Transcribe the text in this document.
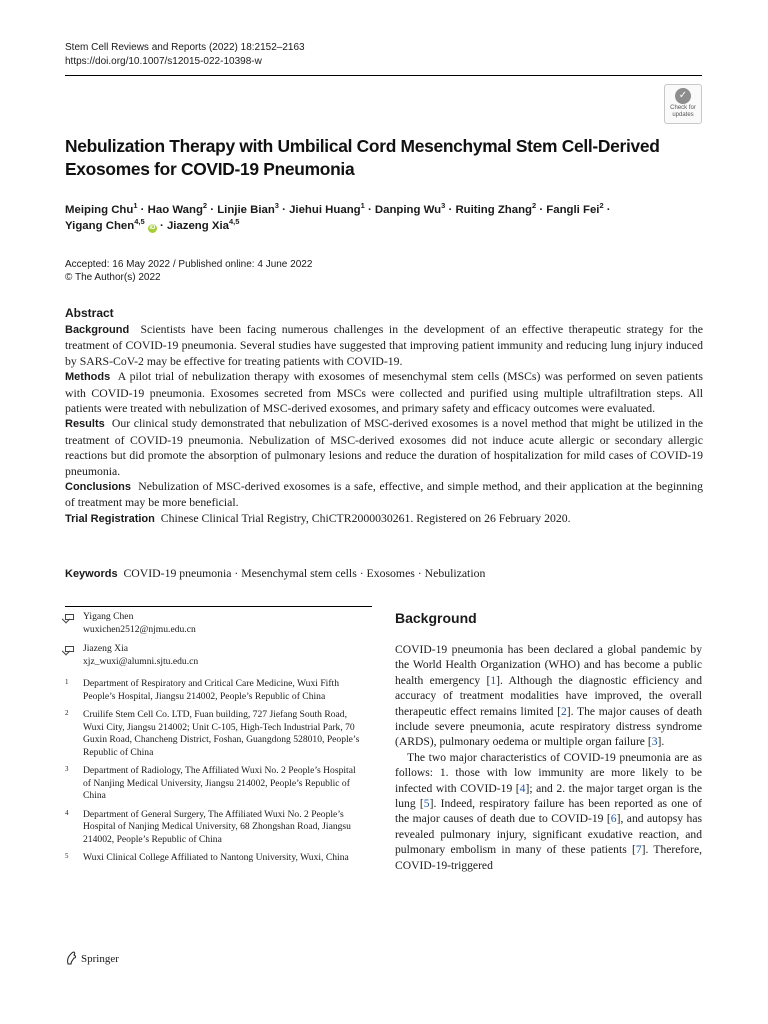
Stem Cell Reviews and Reports (2022) 18:2152–2163
https://doi.org/10.1007/s12015-022-10398-w
✓
Check for
updates
Nebulization Therapy with Umbilical Cord Mesenchymal Stem Cell-Derived Exosomes for COVID-19 Pneumonia
Meiping Chu$^1$ · Hao Wang$^2$ · Linjie Bian$^3$ · Jiehui Huang$^1$ · Danping $Wu^3$ · Ruiting Zhang$^2$ · Fangli Fei$^2$ ·
Yigang Chen$^{4,5}$ iD · Jiazeng Xia$^{4,5}$
Accepted: 16 May 2022 / Published online: 4 June 2022
© The Author(s) 2022
Abstract

Background Scientists have been facing numerous challenges in the development of an effective therapeutic strategy for the treatment of COVID-19 pneumonia. Several studies have suggested that improving patient immunity and reducing lung injury induced by SARS-CoV-2 may be effective for treating patients with COVID-19.

Methods A pilot trial of nebulization therapy with exosomes of mesenchymal stem cells (MSCs) was performed on seven patients with COVID-19 pneumonia. Exosomes secreted from MSCs were collected and purified using multiple ultrafiltration steps. All patients were treated with nebulization of MSC-derived exosomes, and primary safety and efficacy outcomes were evaluated.

Results Our clinical study demonstrated that nebulization of MSC-derived exosomes is a novel method that might be utilized in the treatment of COVID-19 pneumonia. Nebulization of MSC-derived exosomes did not induce acute allergic or secondary allergic reactions but did promote the absorption of pulmonary lesions and reduce the duration of hospitalization for mild cases of COVID-19 pneumonia.

Conclusions Nebulization of MSC-derived exosomes is a safe, effective, and simple method, and their application at the beginning of treatment may be more beneficial.

Trial Registration Chinese Clinical Trial Registry, ChiCTR2000030261. Registered on 26 February 2020.

Keywords COVID-19 pneumonia · Mesenchymal stem cells · Exosomes · Nebulization
Yigang Chen
wuxichen2512@njmu.edu.cn
Jiazeng Xia
xjz_wuxi@alumni.sjtu.edu.cn
1 Department of Respiratory and Critical Care Medicine, Wuxi Fifth People’s Hospital, Jiangsu 214002, People’s Republic of China
2 Cruilife Stem Cell Co. LTD, Fuan building, 727 Jiefang South Road, Wuxi City, Jiangsu 214002; Unit C-105, High-Tech Industrial Park, 70 Guxin Road, Chancheng District, Foshan, Guangdong 528010, People’s Republic of China
3 Department of Radiology, The Affiliated Wuxi No. 2 People’s Hospital of Nanjing Medical University, Jiangsu 214002, People’s Republic of China
4 Department of General Surgery, The Affiliated Wuxi No. 2 People’s Hospital of Nanjing Medical University, 68 Zhongshan Road, Jiangsu 214002, People’s Republic of China
5 Wuxi Clinical College Affiliated to Nantong University, Wuxi, China
Springer
Background

COVID-19 pneumonia has been declared a global pandemic by the World Health Organization (WHO) and has become a public health emergency [1]. Although the diagnostic efficiency and accuracy of treatment modalities have improved, the overall therapeutic effect remains limited [2]. The major causes of death include severe pneumonia, acute respiratory distress syndrome (ARDS), pulmonary oedema or multiple organ failure [3].

The two major characteristics of COVID-19 pneumonia are as follows: 1. those with low immunity are more likely to be infected with COVID-19 [4]; and 2. the major target organ is the lung [5]. Indeed, respiratory failure has been reported as one of the major causes of death due to COVID-19 [6], and autopsy has revealed pulmonary injury, significant exudative reaction, and pulmonary embolism in many of these patients [7]. Therefore, COVID-19-triggered
